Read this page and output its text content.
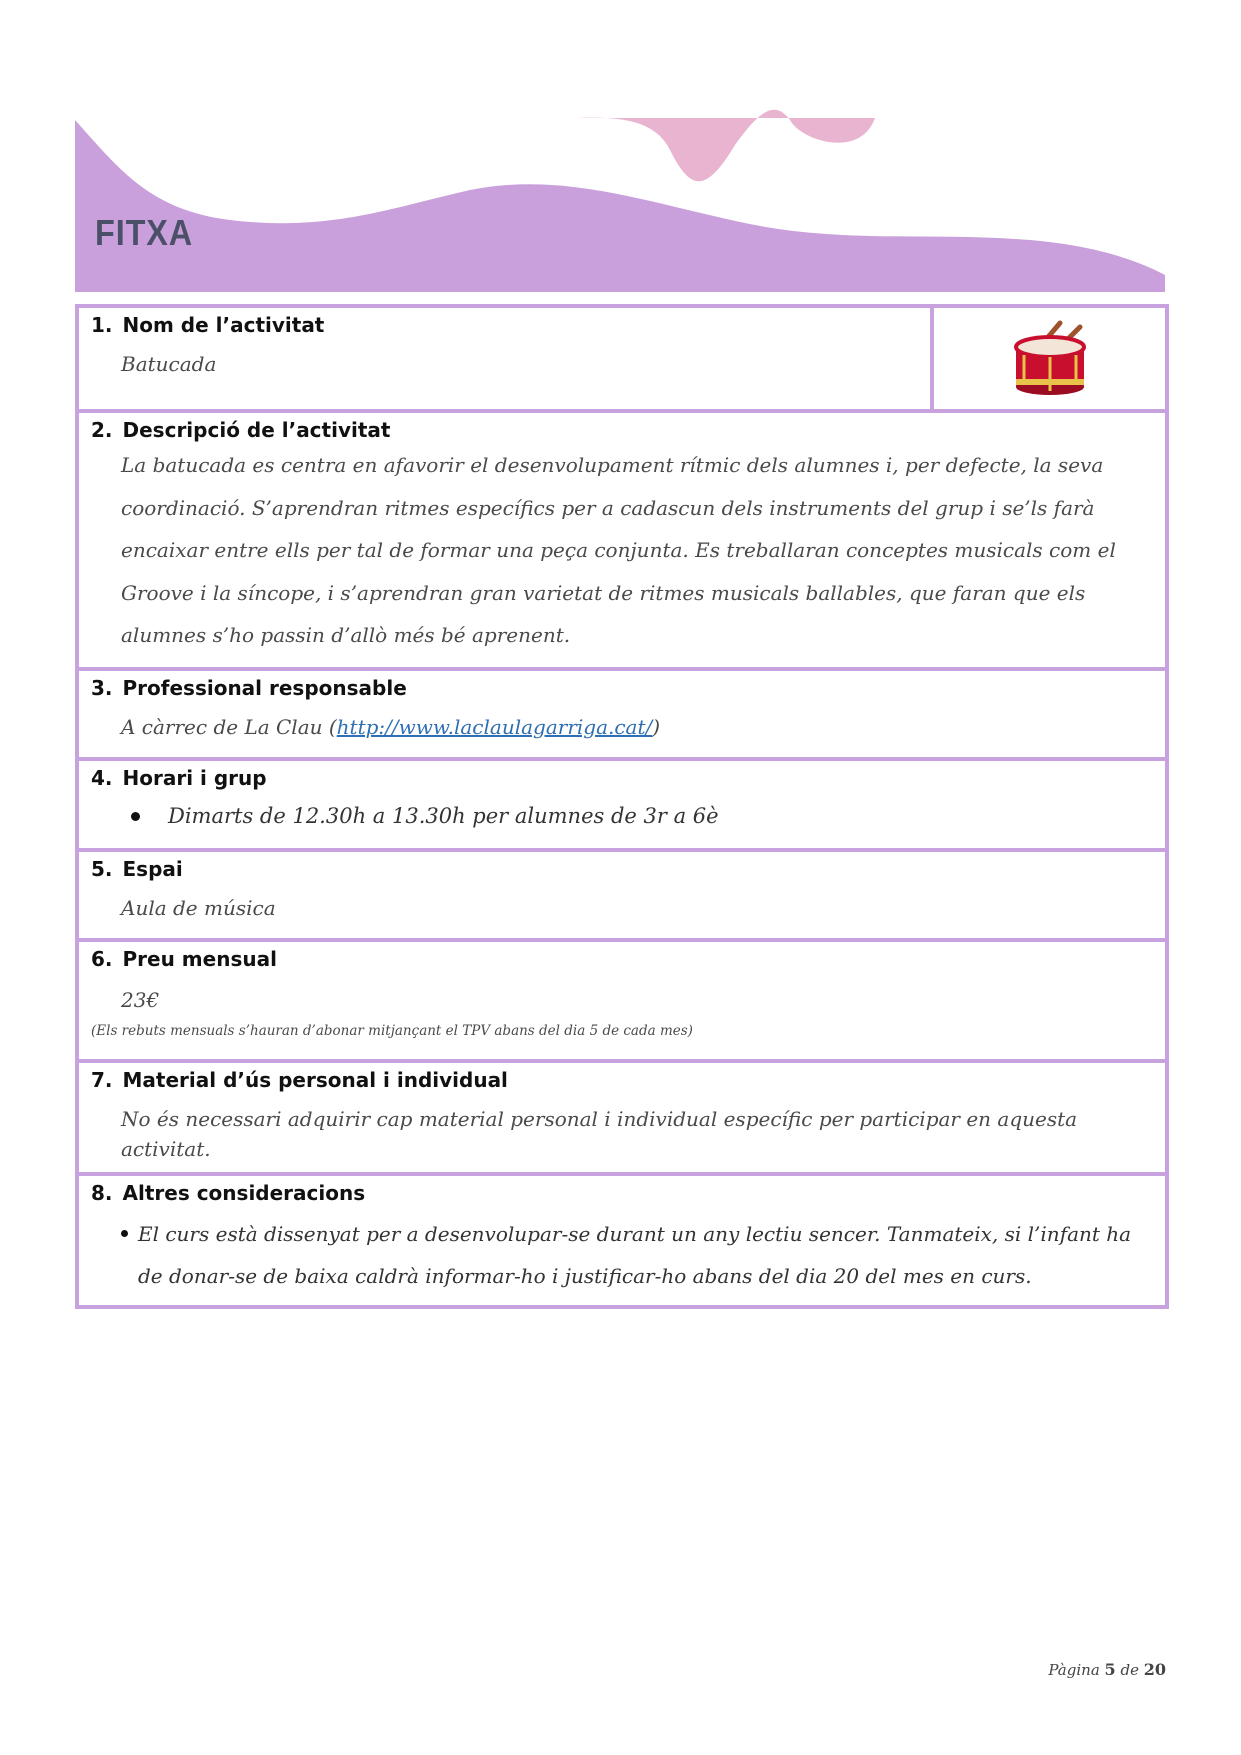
FITXA
1. Nom de l’activitat
Batucada

2. Descripció de l’activitat
La batucada es centra en afavorir el desenvolupament rítmic dels alumnes i, per defecte, la seva coordinació. S’aprendran ritmes específics per a cadascun dels instruments del grup i se’ls farà encaixar entre ells per tal de formar una peça conjunta. Es treballaran conceptes musicals com el Groove i la síncope, i s’aprendran gran varietat de ritmes musicals ballables, que faran que els alumnes s’ho passin d’allò més bé aprenent.

3. Professional responsable
A càrrec de La Clau (http://www.laclaulagarriga.cat/)

4. Horari i grup
Dimarts de 12.30h a 13.30h per alumnes de 3r a 6è

5. Espai
Aula de música

6. Preu mensual
23€
(Els rebuts mensuals s’hauran d’abonar mitjançant el TPV abans del dia 5 de cada mes)

7. Material d’ús personal i individual
No és necessari adquirir cap material personal i individual específic per participar en aquesta activitat.

8. Altres consideracions
El curs està dissenyat per a desenvolupar-se durant un any lectiu sencer. Tanmateix, si l’infant ha de donar-se de baixa caldrà informar-ho i justificar-ho abans del dia 20 del mes en curs.
Pàgina 5 de 20
